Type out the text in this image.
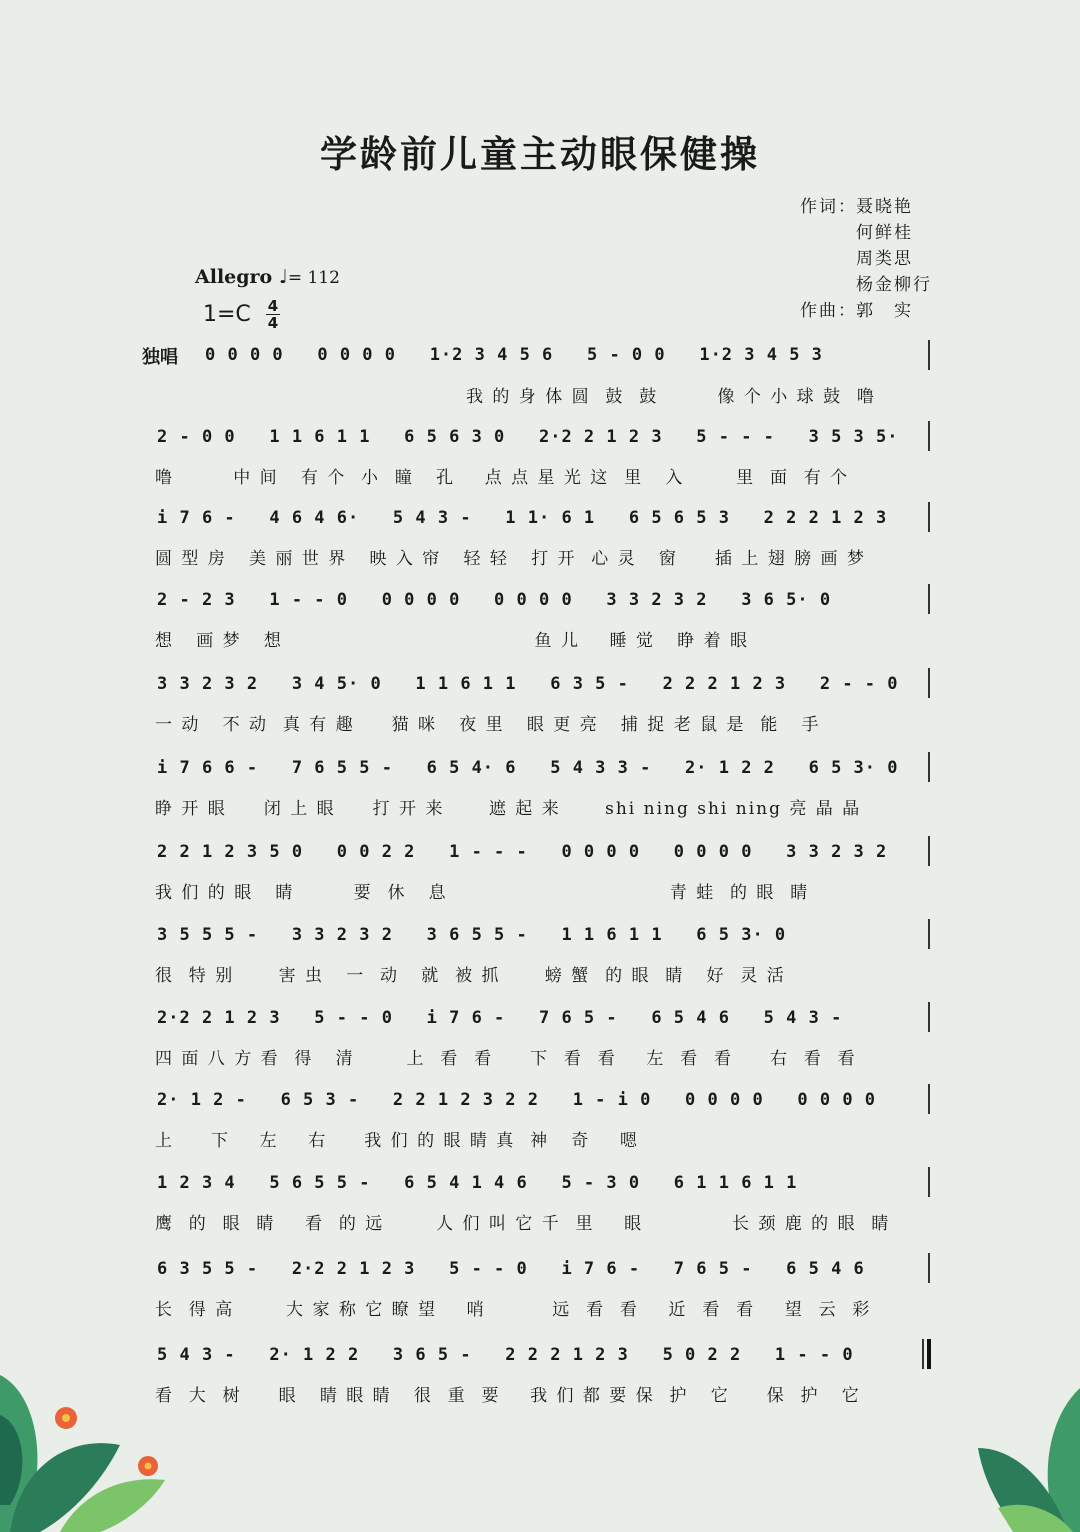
学龄前儿童主动眼保健操
作词： 聂晓艳
何鲜桂
周类思
杨金柳行
作曲： 郭　实
Allegro ♩= 112
1=C 4
4
独唱 0 0 0 0   0 0 0 0   1·2 3 4 5 6   5 - 0 0   1·2 3 4 5 3
我 的 身 体 圆  鼓  鼓        像 个 小 球 鼓  噜
2 - 0 0   1 1 6 1 1   6 5 6 3 0   2·2 2 1 2 3   5 - - -   3 5 3 5·
噜        中 间   有 个  小  瞳   孔    点 点 星 光 这  里   入       里  面  有 个
i 7 6 -   4 6 4 6·   5 4 3 -   1 1· 6 1   6 5 6 5 3   2 2 2 1 2 3
圆 型 房   美 丽 世 界   映 入 帘   轻 轻   打 开  心 灵   窗     插 上 翅 膀 画 梦
2 - 2 3   1 - - 0   0 0 0 0   0 0 0 0   3 3 2 3 2   3 6 5· 0
想   画 梦   想                                  鱼 儿    睡 觉   睁 着 眼
3 3 2 3 2   3 4 5· 0   1 1 6 1 1   6 3 5 -   2 2 2 1 2 3   2 - - 0
一 动   不 动  真 有 趣     猫 咪   夜 里   眼 更 亮   捕 捉 老 鼠 是  能   手
i 7 6 6 -   7 6 5 5 -   6 5 4· 6   5 4 3 3 -   2· 1 2 2   6 5 3· 0
睁 开 眼     闭 上 眼     打 开 来      遮 起 来      shi ning shi ning 亮 晶 晶
2 2 1 2 3 5 0   0 0 2 2   1 - - -   0 0 0 0   0 0 0 0   3 3 2 3 2
我 们 的 眼   睛        要  休   息                              青 蛙  的 眼  睛
3 5 5 5 -   3 3 2 3 2   3 6 5 5 -   1 1 6 1 1   6 5 3· 0
很  特 别      害 虫   一  动   就  被 抓      螃 蟹  的 眼  睛   好  灵 活
2·2 2 1 2 3   5 - - 0   i 7 6 -   7 6 5 -   6 5 4 6   5 4 3 -
四 面 八 方 看  得   清       上  看  看     下  看  看    左  看  看     右  看  看
2· 1 2 -   6 5 3 -   2 2 1 2 3 2 2   1 - i 0   0 0 0 0   0 0 0 0
上     下    左    右     我 们 的 眼 睛 真  神   奇    嗯
1 2 3 4   5 6 5 5 -   6 5 4 1 4 6   5 - 3 0   6 1 1 6 1 1
鹰  的  眼  睛    看  的 远       人 们 叫 它 千  里    眼            长 颈 鹿 的 眼  睛
6 3 5 5 -   2·2 2 1 2 3   5 - - 0   i 7 6 -   7 6 5 -   6 5 4 6
长  得 高       大 家 称 它 瞭 望    哨         远  看  看    近  看  看    望  云  彩
5 4 3 -   2· 1 2 2   3 6 5 -   2 2 2 1 2 3   5 0 2 2   1 - - 0
看  大  树     眼   睛 眼 睛   很  重  要    我 们 都 要 保  护   它     保  护   它
